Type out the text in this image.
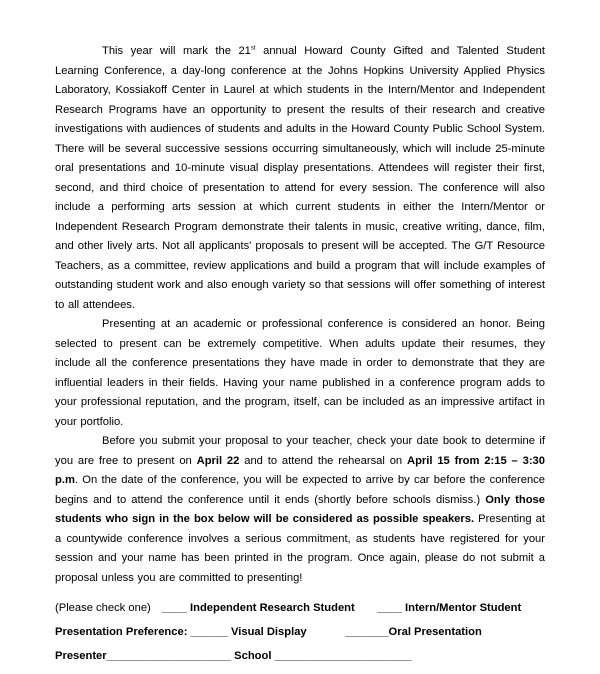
This year will mark the 21st annual Howard County Gifted and Talented Student Learning Conference, a day-long conference at the Johns Hopkins University Applied Physics Laboratory, Kossiakoff Center in Laurel at which students in the Intern/Mentor and Independent Research Programs have an opportunity to present the results of their research and creative investigations with audiences of students and adults in the Howard County Public School System. There will be several successive sessions occurring simultaneously, which will include 25-minute oral presentations and 10-minute visual display presentations. Attendees will register their first, second, and third choice of presentation to attend for every session. The conference will also include a performing arts session at which current students in either the Intern/Mentor or Independent Research Program demonstrate their talents in music, creative writing, dance, film, and other lively arts. Not all applicants' proposals to present will be accepted. The G/T Resource Teachers, as a committee, review applications and build a program that will include examples of outstanding student work and also enough variety so that sessions will offer something of interest to all attendees.

Presenting at an academic or professional conference is considered an honor. Being selected to present can be extremely competitive. When adults update their resumes, they include all the conference presentations they have made in order to demonstrate that they are influential leaders in their fields. Having your name published in a conference program adds to your professional reputation, and the program, itself, can be included as an impressive artifact in your portfolio.

Before you submit your proposal to your teacher, check your date book to determine if you are free to present on April 22 and to attend the rehearsal on April 15 from 2:15 – 3:30 p.m. On the date of the conference, you will be expected to arrive by car before the conference begins and to attend the conference until it ends (shortly before schools dismiss.) Only those students who sign in the box below will be considered as possible speakers. Presenting at a countywide conference involves a serious commitment, as students have registered for your session and your name has been printed in the program. Once again, please do not submit a proposal unless you are committed to presenting!

(Please check one) ____ Independent Research Student ____ Intern/Mentor Student
Presentation Preference: ______ Visual Display	_______Oral Presentation
Presenter____________________ School ______________________
